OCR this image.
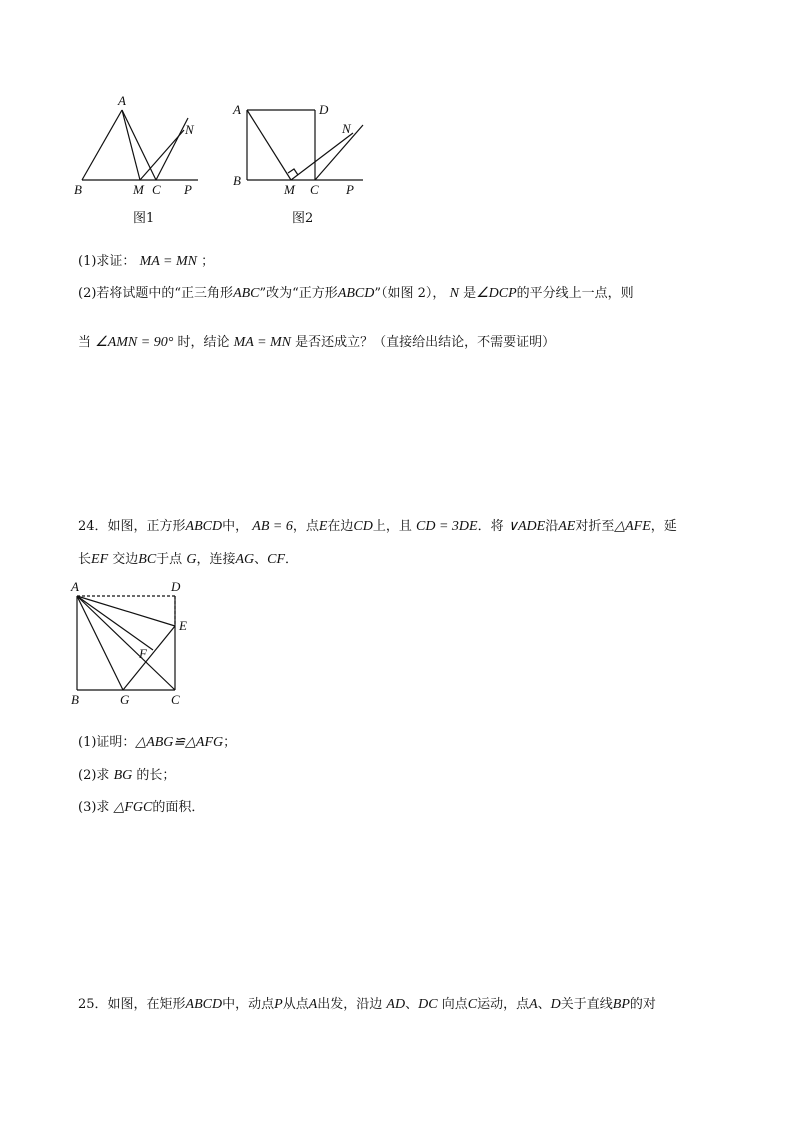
A
B	M C P
N
图1
A	D
B
M C P
N
图2
(1)求证： MA = MN ；
(2)若将试题中的“正三角形ABC”改为“正方形ABCD”（如图 2）， N 是∠DCP的平分线上一点，则
当 ∠AMN = 90° 时，结论 MA = MN 是否还成立？（直接给出结论，不需要证明）
24．如图，正方形ABCD中， AB = 6，点E在边CD上，且 CD = 3DE．将 ∨ADE沿AE对折至△AFE，延
长EF 交边BC于点 G，连接AG、CF．
A	D
E
F
B	G	C
(1)证明：△ABG≌△AFG；
(2)求 BG 的长；
(3)求 △FGC的面积．
25．如图，在矩形ABCD中，动点P从点A出发，沿边 AD、DC 向点C运动，点A、D关于直线BP的对
